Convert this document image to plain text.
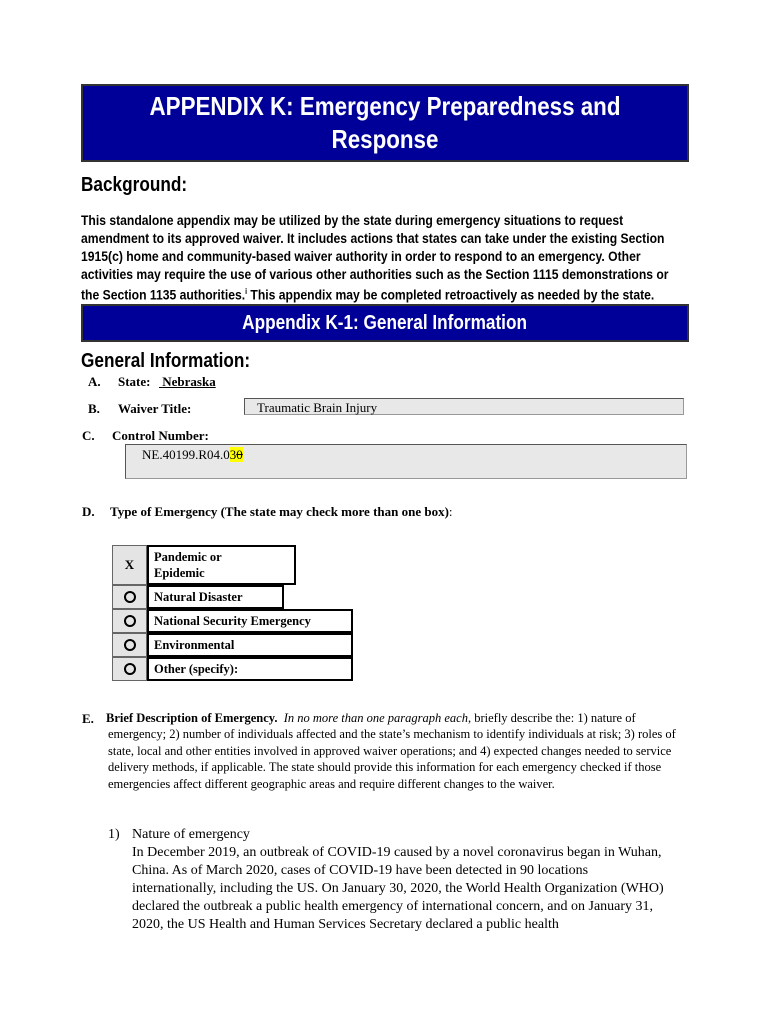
APPENDIX K: Emergency Preparedness and
Response
Background:
This standalone appendix may be utilized by the state during emergency situations to request amendment to its approved waiver. It includes actions that states can take under the existing Section 1915(c) home and community-based waiver authority in order to respond to an emergency. Other activities may require the use of various other authorities such as the Section 1115 demonstrations or the Section 1135 authorities.$^i$ This appendix may be completed retroactively as needed by the state.
Appendix K-1: General Information
General Information:
A. State: Nebraska
B. Waiver Title:	Traumatic Brain Injury
C. Control Number:
NE.40199.R04.030
D. Type of Emergency (The state may check more than one box):
X	Pandemic or
Epidemic
Natural Disaster
National Security Emergency
Environmental
Other (specify):
E. Brief Description of Emergency. In no more than one paragraph each, briefly describe the: 1) nature of emergency; 2) number of individuals affected and the state’s mechanism to identify individuals at risk; 3) roles of state, local and other entities involved in approved waiver operations; and 4) expected changes needed to service delivery methods, if applicable. The state should provide this information for each emergency checked if those emergencies affect different geographic areas and require different changes to the waiver.
1) Nature of emergency
In December 2019, an outbreak of COVID-19 caused by a novel coronavirus began in Wuhan, China. As of March 2020, cases of COVID-19 have been detected in 90 locations internationally, including the US. On January 30, 2020, the World Health Organization (WHO) declared the outbreak a public health emergency of international concern, and on January 31, 2020, the US Health and Human Services Secretary declared a public health
